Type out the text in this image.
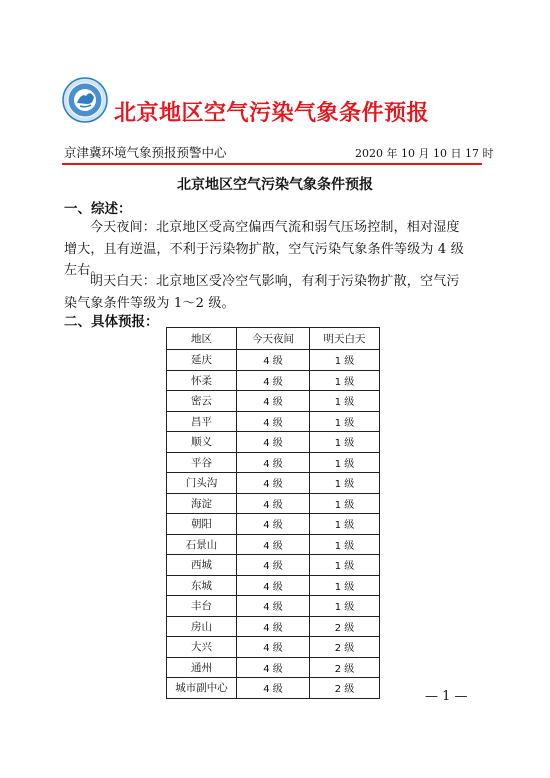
北京地区空气污染气象条件预报
京津冀环境气象预报预警中心	2020 年 10 月 10 日 17 时
北京地区空气污染气象条件预报
一、综述：

今天夜间：北京地区受高空偏西气流和弱气压场控制，相对湿度增大，且有逆温，不利于污染物扩散，空气污染气象条件等级为 4 级左右。

明天白天：北京地区受冷空气影响，有利于污染物扩散，空气污染气象条件等级为 1～2 级。

二、具体预报：
地区	今天夜间	明天白天
延庆	4 级	1 级
怀柔	4 级	1 级
密云	4 级	1 级
昌平	4 级	1 级
顺义	4 级	1 级
平谷	4 级	1 级
门头沟	4 级	1 级
海淀	4 级	1 级
朝阳	4 级	1 级
石景山	4 级	1 级
西城	4 级	1 级
东城	4 级	1 级
丰台	4 级	1 级
房山	4 级	2 级
大兴	4 级	2 级
通州	4 级	2 级
城市副中心	4 级	2 级	— 1 —
